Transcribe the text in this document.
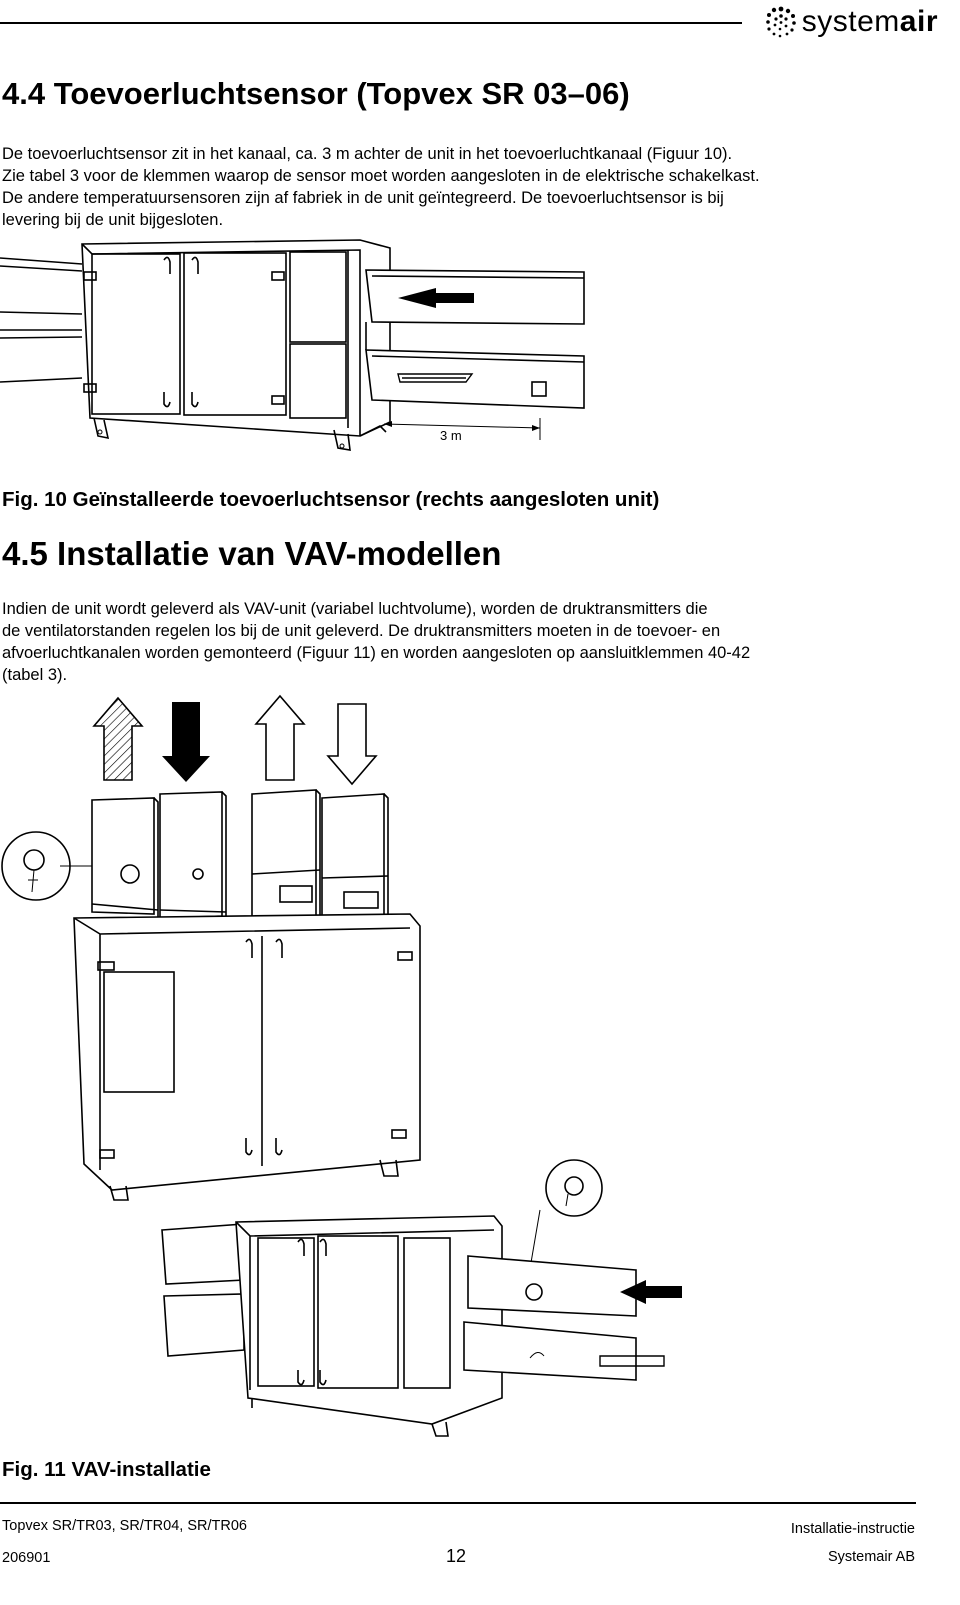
systemair
4.4 Toevoerluchtsensor (Topvex SR 03–06)
De toevoerluchtsensor zit in het kanaal, ca. 3 m achter de unit in het toevoerluchtkanaal (Figuur 10).
Zie tabel 3 voor de klemmen waarop de sensor moet worden aangesloten in de elektrische schakelkast.
De andere temperatuursensoren zijn af fabriek in de unit geïntegreerd. De toevoerluchtsensor is bij
levering bij de unit bijgesloten.
3 m
Fig. 10 Geïnstalleerde toevoerluchtsensor (rechts aangesloten unit)
4.5 Installatie van VAV-modellen
Indien de unit wordt geleverd als VAV-unit (variabel luchtvolume), worden de druktransmitters die
de ventilatorstanden regelen los bij de unit geleverd. De druktransmitters moeten in de toevoer- en
afvoerluchtkanalen worden gemonteerd (Figuur 11) en worden aangesloten op aansluitklemmen 40-42
(tabel 3).
Fig. 11 VAV-installatie
Topvex SR/TR03, SR/TR04, SR/TR06	Installatie-instructie
206901	12	Systemair AB
